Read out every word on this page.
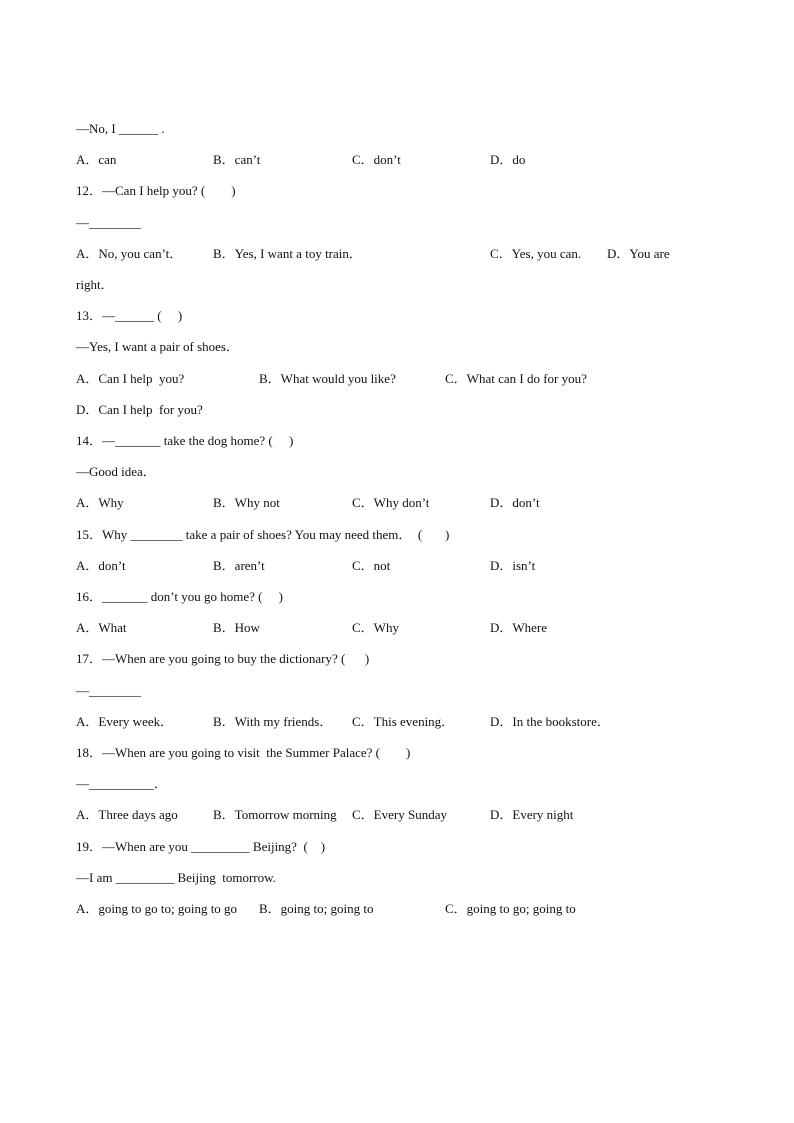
—No, I ______ .
A．can	B．can’t	C．don’t	D．do
12．—Can I help you? (        )
—________
A．No, you can’t． B．Yes, I want a toy train．	C．Yes, you can. D．You are
right．
13．—______ (     )
—Yes, I want a pair of shoes．
A．Can I help  you?	B．What would you like?	C．What can I do for you?
D．Can I help  for you?
14．—_______ take the dog home? (     )
—Good idea．
A．Why	B．Why not	C．Why don’t	D．don’t
15．Why ________ take a pair of shoes? You may need them．  (       )
A．don’t	B．aren’t	C．not	D．isn’t
16．_______ don’t you go home? (     )
A．What	B．How	C．Why	D．Where
17．—When are you going to buy the dictionary? (      )
—________
A．Every week．	B．With my friends． C．This evening．	D．In the bookstore．
18．—When are you going to visit  the Summer Palace? (        )
—__________．
A．Three days ago	B．Tomorrow morning C．Every Sunday	D．Every night
19．—When are you _________ Beijing?  (    )
—I am _________ Beijing  tomorrow.
A．going to go to; going to go B．going to; going to	C．going to go; going to
